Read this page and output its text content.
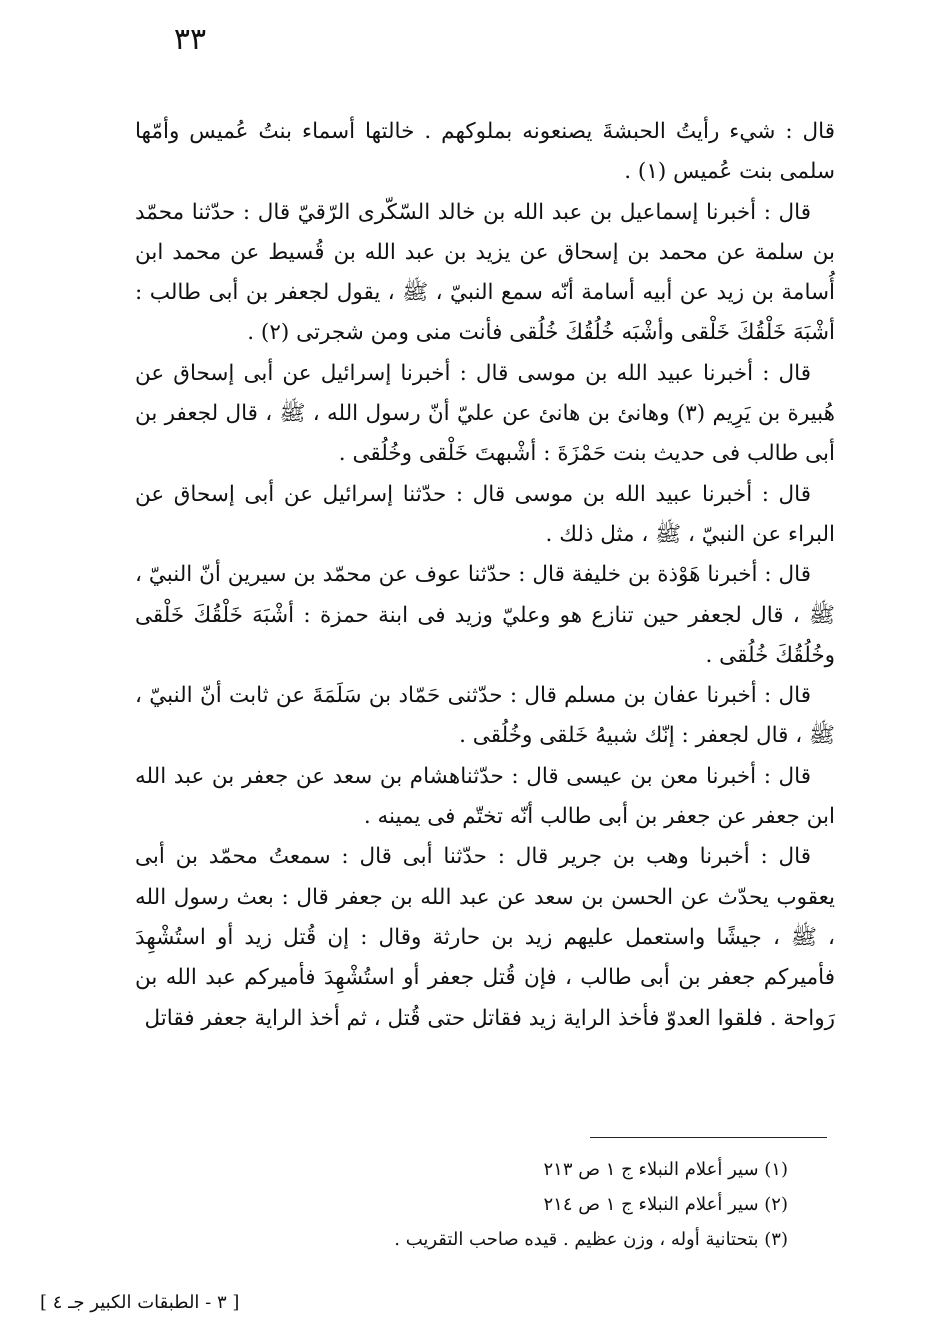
٣٣

قال : شيء رأيتُ الحبشةَ يصنعونه بملوكهم . خالتها أسماء بنتُ عُميس وأمّها سلمى بنت عُميس (١) .

قال : أخبرنا إسماعيل بن عبد الله بن خالد السّكّرى الرّقيّ قال : حدّثنا محمّد بن سلمة عن محمد بن إسحاق عن يزيد بن عبد الله بن قُسيط عن محمد ابن أُسامة بن زيد عن أبيه أسامة أنّه سمع النبيّ ، ﷺ ، يقول لجعفر بن أبى طالب : أشْبَهَ خَلْقُكَ خَلْقى وأشْبَه خُلُقُكَ خُلُقى فأنت منى ومن شجرتى (٢) .

قال : أخبرنا عبيد الله بن موسى قال : أخبرنا إسرائيل عن أبى إسحاق عن هُبيرة بن يَرِيم (٣) وهانئ بن هانئ عن عليّ أنّ رسول الله ، ﷺ ، قال لجعفر بن أبى طالب فى حديث بنت حَمْزَةَ : أشْبهتَ خَلْقى وخُلُقى .

قال : أخبرنا عبيد الله بن موسى قال : حدّثنا إسرائيل عن أبى إسحاق عن البراء عن النبيّ ، ﷺ ، مثل ذلك .

قال : أخبرنا هَوْذة بن خليفة قال : حدّثنا عوف عن محمّد بن سيرين أنّ النبيّ ، ﷺ ، قال لجعفر حين تنازع هو وعليّ وزيد فى ابنة حمزة : أشْبَهَ خَلْقُكَ خَلْقى وخُلُقُكَ خُلُقى .

قال : أخبرنا عفان بن مسلم قال : حدّثنى حَمّاد بن سَلَمَةَ عن ثابت أنّ النبيّ ، ﷺ ، قال لجعفر : إنّك شبيهُ خَلقى وخُلُقى .

قال : أخبرنا معن بن عيسى قال : حدّثناهشام بن سعد عن جعفر بن عبد الله ابن جعفر عن جعفر بن أبى طالب أنّه تختّم فى يمينه .

قال : أخبرنا وهب بن جرير قال : حدّثنا أبى قال : سمعتُ محمّد بن أبى يعقوب يحدّث عن الحسن بن سعد عن عبد الله بن جعفر قال : بعث رسول الله ، ﷺ ، جيشًا واستعمل عليهم زيد بن حارثة وقال : إن قُتل زيد أو استُشْهِدَ فأميركم جعفر بن أبى طالب ، فإن قُتل جعفر أو استُشْهِدَ فأميركم عبد الله بن رَواحة . فلقوا العدوّ فأخذ الراية زيد فقاتل حتى قُتل ، ثم أخذ الراية جعفر فقاتل

(١) سير أعلام النبلاء ج ١ ص ٢١٣

(٢) سير أعلام النبلاء ج ١ ص ٢١٤

(٣) بتحتانية أوله ، وزن عظيم . قيده صاحب التقريب .

[ ٣ - الطبقات الكبير جـ ٤ ]
